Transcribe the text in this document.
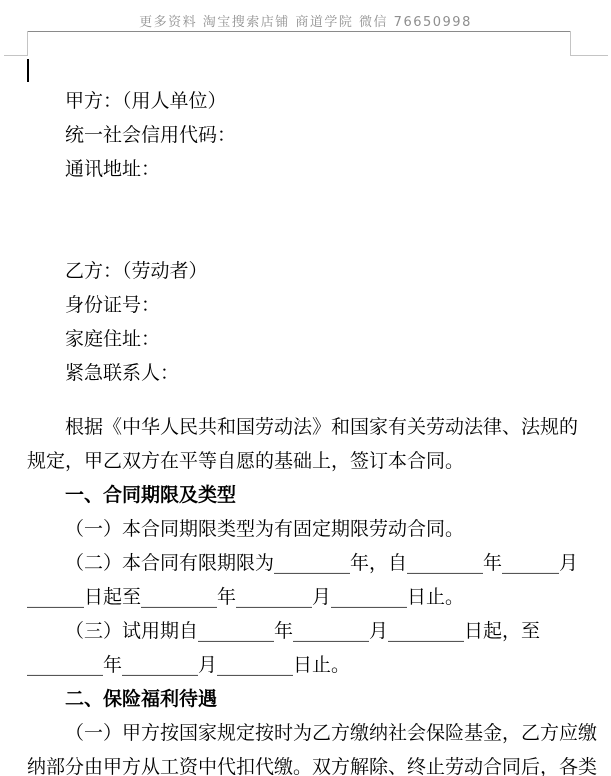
更多资料 淘宝搜索店铺 商道学院 微信 76650998
甲方：（用人单位）
统一社会信用代码：
通讯地址：
乙方：（劳动者）
身份证号：
家庭住址：
紧急联系人：
根据《中华人民共和国劳动法》和国家有关劳动法律、法规的
规定，甲乙双方在平等自愿的基础上，签订本合同。
一、合同期限及类型
（一）本合同期限类型为有固定期限劳动合同。
（二）本合同有限期限为________年，自________年______月
______日起至________年________月________日止。
（三）试用期自________年________月________日起，至
________年________月________日止。
二、保险福利待遇
（一）甲方按国家规定按时为乙方缴纳社会保险基金，乙方应缴
纳部分由甲方从工资中代扣代缴。双方解除、终止劳动合同后，各类
